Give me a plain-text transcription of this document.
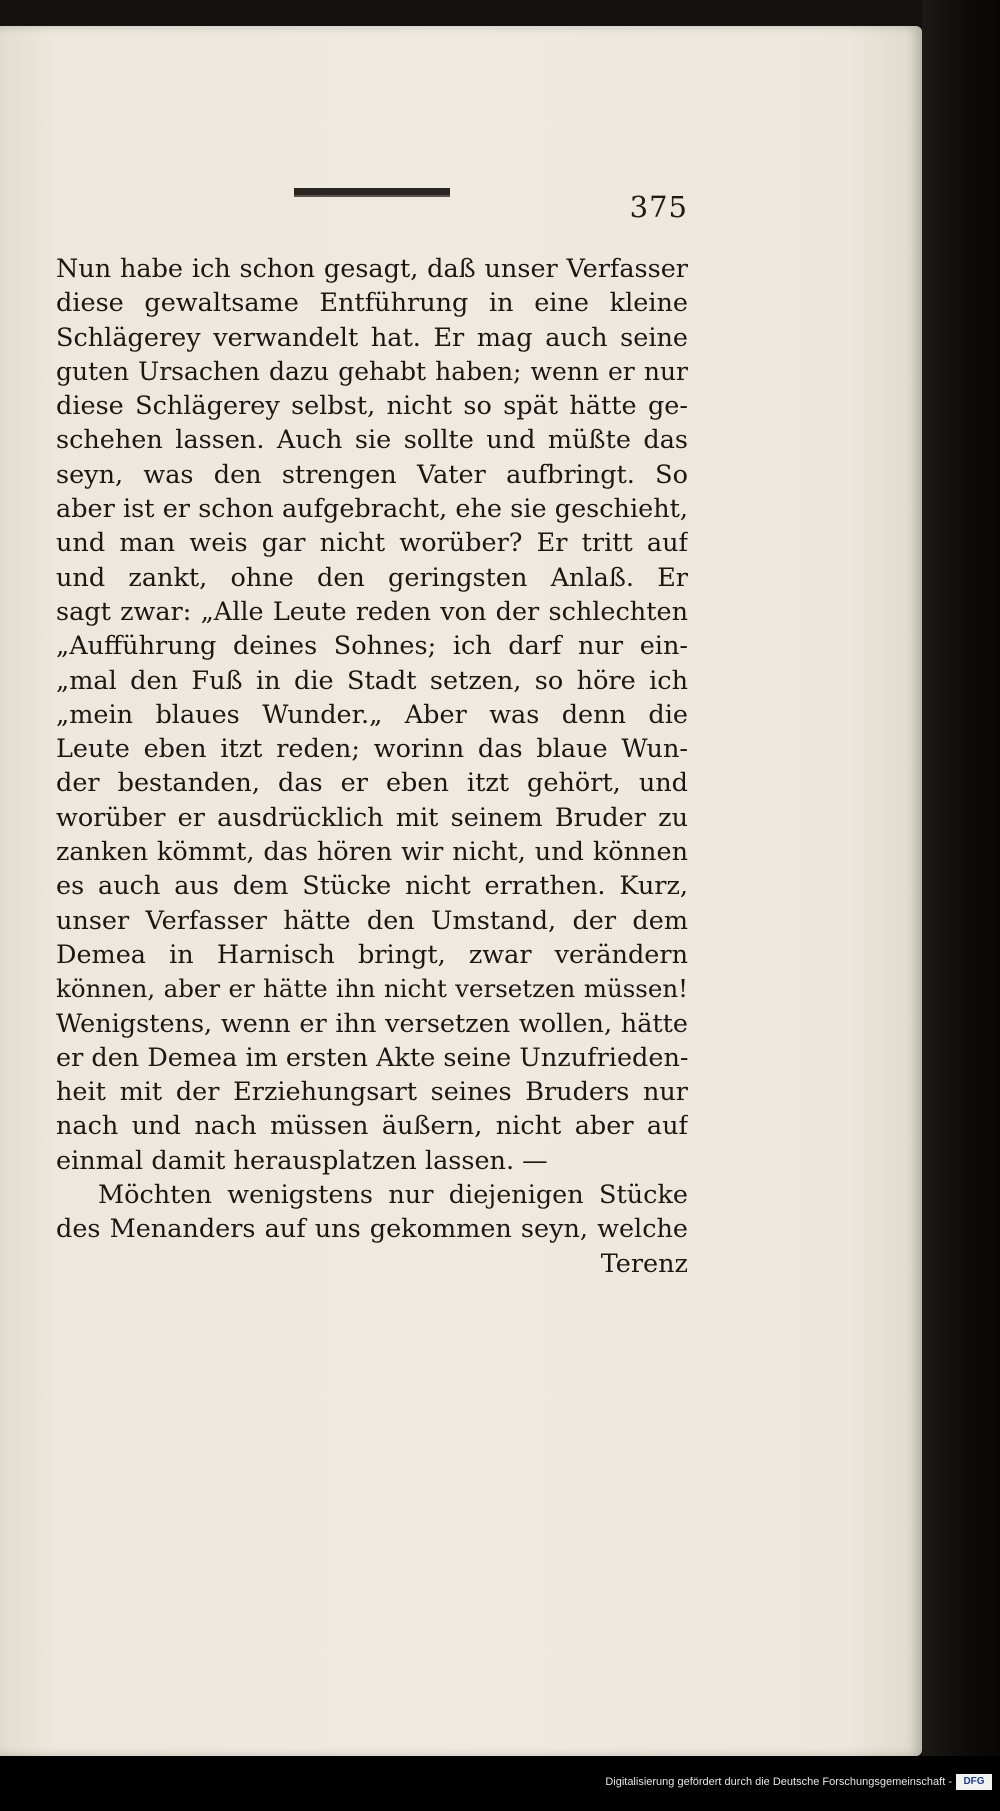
375
Nun habe ich schon gesagt, daß unser Verfasser
diese gewaltsame Entführung in eine kleine
Schlägerey verwandelt hat. Er mag auch seine
guten Ursachen dazu gehabt haben; wenn er nur
diese Schlägerey selbst, nicht so spät hätte ge-
schehen lassen. Auch sie sollte und müßte das
seyn, was den strengen Vater aufbringt. So
aber ist er schon aufgebracht, ehe sie geschieht,
und man weis gar nicht worüber? Er tritt auf
und zankt, ohne den geringsten Anlaß. Er
sagt zwar: „Alle Leute reden von der schlechten
„Aufführung deines Sohnes; ich darf nur ein-
„mal den Fuß in die Stadt setzen, so höre ich
„mein blaues Wunder.„ Aber was denn die
Leute eben itzt reden; worinn das blaue Wun-
der bestanden, das er eben itzt gehört, und
worüber er ausdrücklich mit seinem Bruder zu
zanken kömmt, das hören wir nicht, und können
es auch aus dem Stücke nicht errathen. Kurz,
unser Verfasser hätte den Umstand, der dem
Demea in Harnisch bringt, zwar verändern
können, aber er hätte ihn nicht versetzen müssen!
Wenigstens, wenn er ihn versetzen wollen, hätte
er den Demea im ersten Akte seine Unzufrieden-
heit mit der Erziehungsart seines Bruders nur
nach und nach müssen äußern, nicht aber auf
einmal damit herausplatzen lassen. —
Möchten wenigstens nur diejenigen Stücke
des Menanders auf uns gekommen seyn, welche
Terenz
Digitalisierung gefördert durch die Deutsche Forschungsgemeinschaft -	DFG
